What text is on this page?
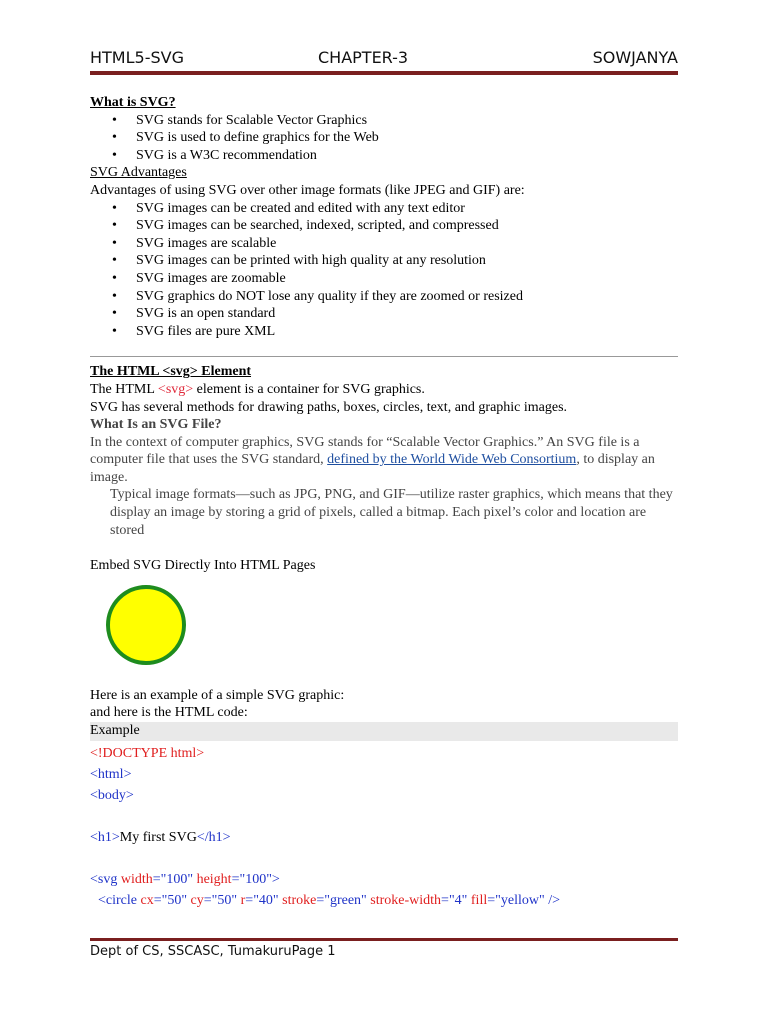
HTML5-SVG	CHAPTER-3	SOWJANYA

What is SVG?

• SVG stands for Scalable Vector Graphics
• SVG is used to define graphics for the Web
• SVG is a W3C recommendation

SVG Advantages

Advantages of using SVG over other image formats (like JPEG and GIF) are:

• SVG images can be created and edited with any text editor
• SVG images can be searched, indexed, scripted, and compressed
• SVG images are scalable
• SVG images can be printed with high quality at any resolution
• SVG images are zoomable
• SVG graphics do NOT lose any quality if they are zoomed or resized
• SVG is an open standard
• SVG files are pure XML

The HTML <svg> Element

The HTML <svg> element is a container for SVG graphics.

SVG has several methods for drawing paths, boxes, circles, text, and graphic images.

What Is an SVG File?

In the context of computer graphics, SVG stands for “Scalable Vector Graphics.” An SVG file is a computer file that uses the SVG standard, defined by the World Wide Web Consortium, to display an image.

Typical image formats—such as JPG, PNG, and GIF—utilize raster graphics, which means that they display an image by storing a grid of pixels, called a bitmap. Each pixel’s color and location are stored

Embed SVG Directly Into HTML Pages

Here is an example of a simple SVG graphic:

and here is the HTML code:

Example

<!DOCTYPE html>
<html>
<body>
<h1>My first SVG</h1>
<svg width="100" height="100">
<circle cx="50" cy="50" r="40" stroke="green" stroke-width="4" fill="yellow" />
Dept of CS, SSCASC, TumakuruPage 1
